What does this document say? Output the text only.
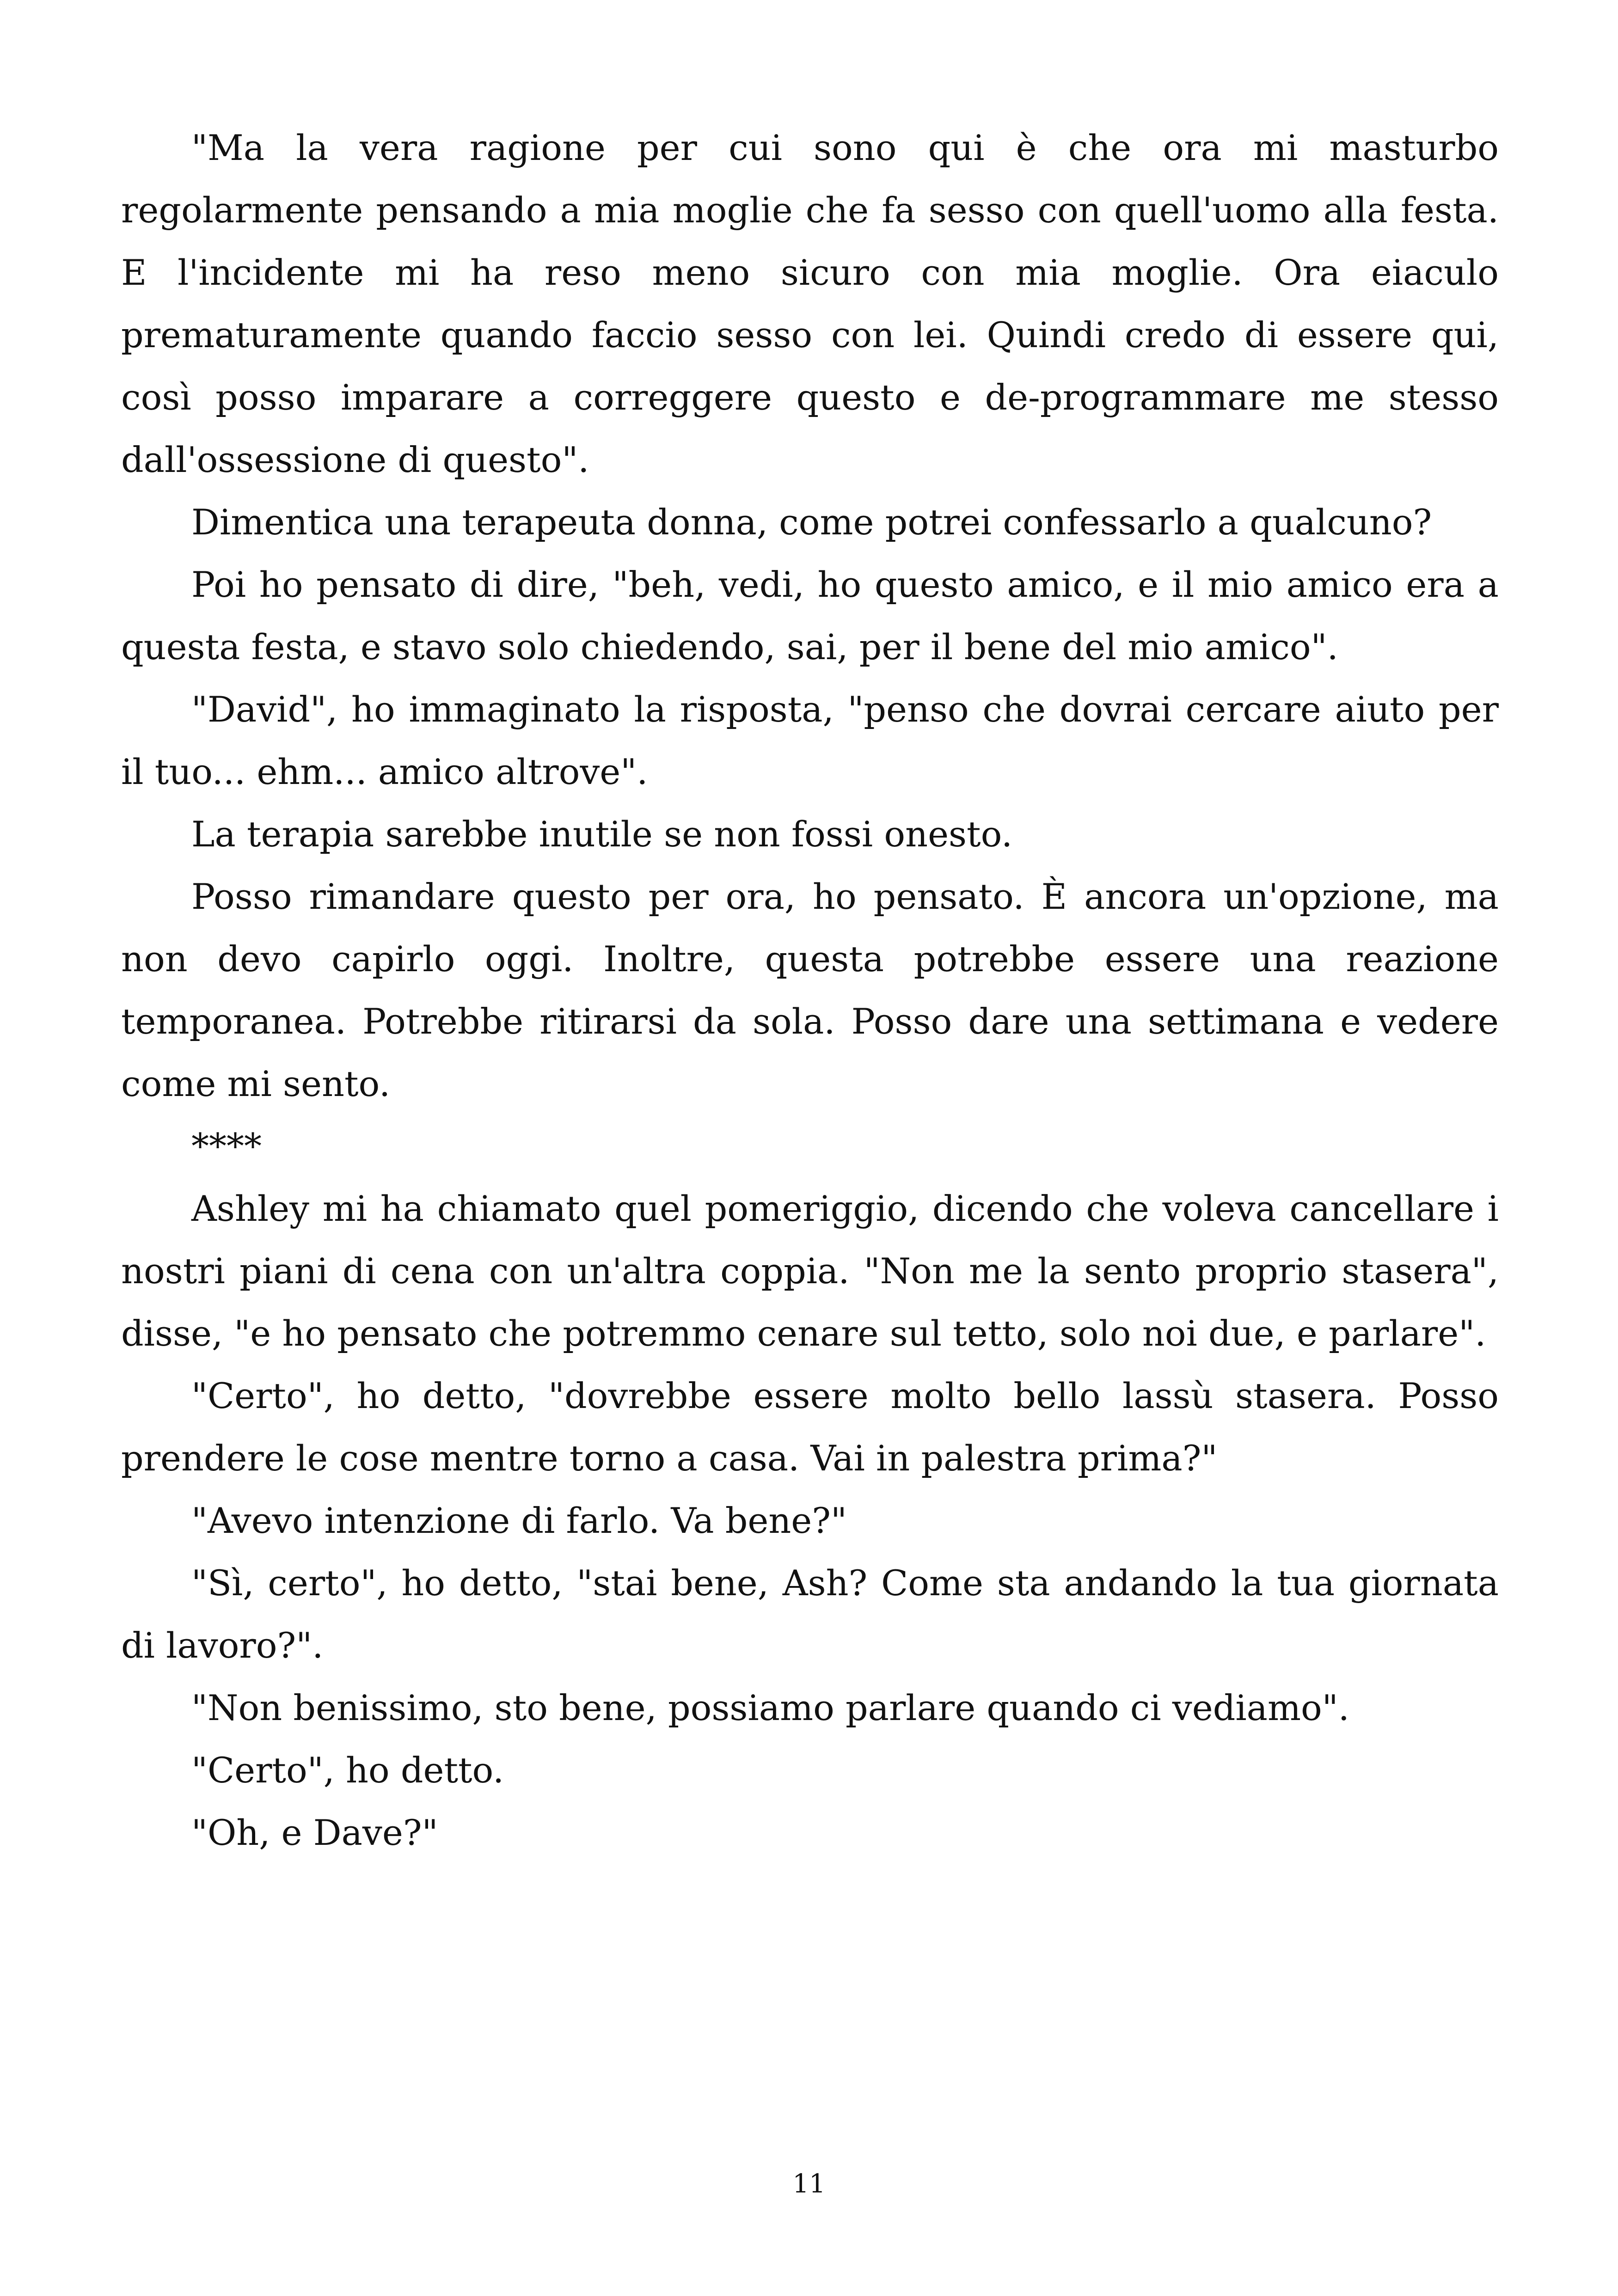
"Ma la vera ragione per cui sono qui è che ora mi masturbo regolarmente pensando a mia moglie che fa sesso con quell'uomo alla festa. E l'incidente mi ha reso meno sicuro con mia moglie. Ora eiaculo prematuramente quando faccio sesso con lei. Quindi credo di essere qui, così posso imparare a correggere questo e de-programmare me stesso dall'ossessione di questo".

Dimentica una terapeuta donna, come potrei confessarlo a qualcuno?

Poi ho pensato di dire, "beh, vedi, ho questo amico, e il mio amico era a questa festa, e stavo solo chiedendo, sai, per il bene del mio amico".

"David", ho immaginato la risposta, "penso che dovrai cercare aiuto per il tuo... ehm... amico altrove".

La terapia sarebbe inutile se non fossi onesto.

Posso rimandare questo per ora, ho pensato. È ancora un'opzione, ma non devo capirlo oggi. Inoltre, questa potrebbe essere una reazione temporanea. Potrebbe ritirarsi da sola. Posso dare una settimana e vedere come mi sento.

****

Ashley mi ha chiamato quel pomeriggio, dicendo che voleva cancellare i nostri piani di cena con un'altra coppia. "Non me la sento proprio stasera", disse, "e ho pensato che potremmo cenare sul tetto, solo noi due, e parlare".

"Certo", ho detto, "dovrebbe essere molto bello lassù stasera. Posso prendere le cose mentre torno a casa. Vai in palestra prima?"

"Avevo intenzione di farlo. Va bene?"

"Sì, certo", ho detto, "stai bene, Ash? Come sta andando la tua giornata di lavoro?".

"Non benissimo, sto bene, possiamo parlare quando ci vediamo".

"Certo", ho detto.

"Oh, e Dave?"

11
